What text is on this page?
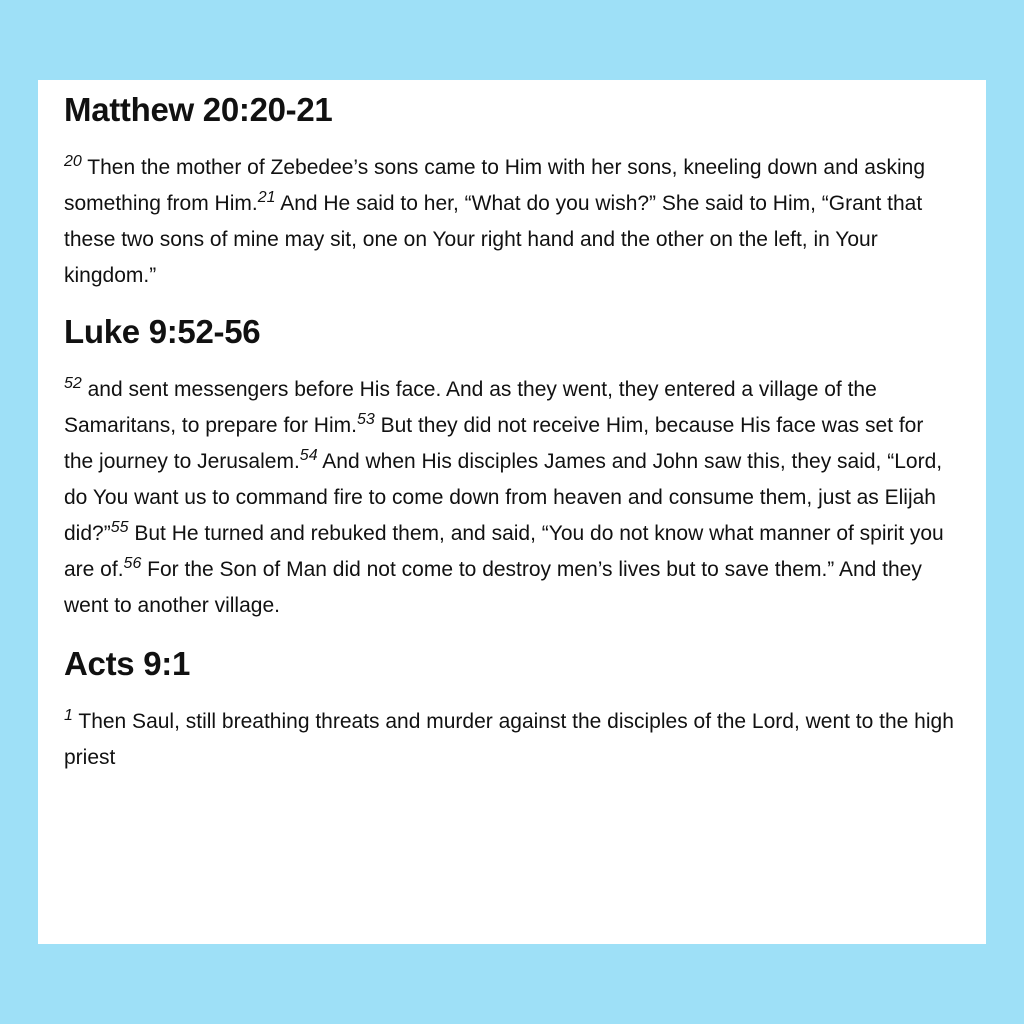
Matthew 20:20-21

$^{20}$ Then the mother of Zebedee’s sons came to Him with her sons, kneeling down and asking something from Him.$^{21}$ And He said to her, “What do you wish?” She said to Him, “Grant that these two sons of mine may sit, one on Your right hand and the other on the left, in Your kingdom.”

Luke 9:52-56

$^{52}$ and sent messengers before His face. And as they went, they entered a village of the Samaritans, to prepare for Him.$^{53}$ But they did not receive Him, because His face was set for the journey to Jerusalem.$^{54}$ And when His disciples James and John saw this, they said, “Lord, do You want us to command fire to come down from heaven and consume them, just as Elijah did?”$^{55}$ But He turned and rebuked them, and said, “You do not know what manner of spirit you are of.$^{56}$ For the Son of Man did not come to destroy men’s lives but to save them.” And they went to another village.

Acts 9:1

$^1$ Then Saul, still breathing threats and murder against the disciples of the Lord, went to the high priest
